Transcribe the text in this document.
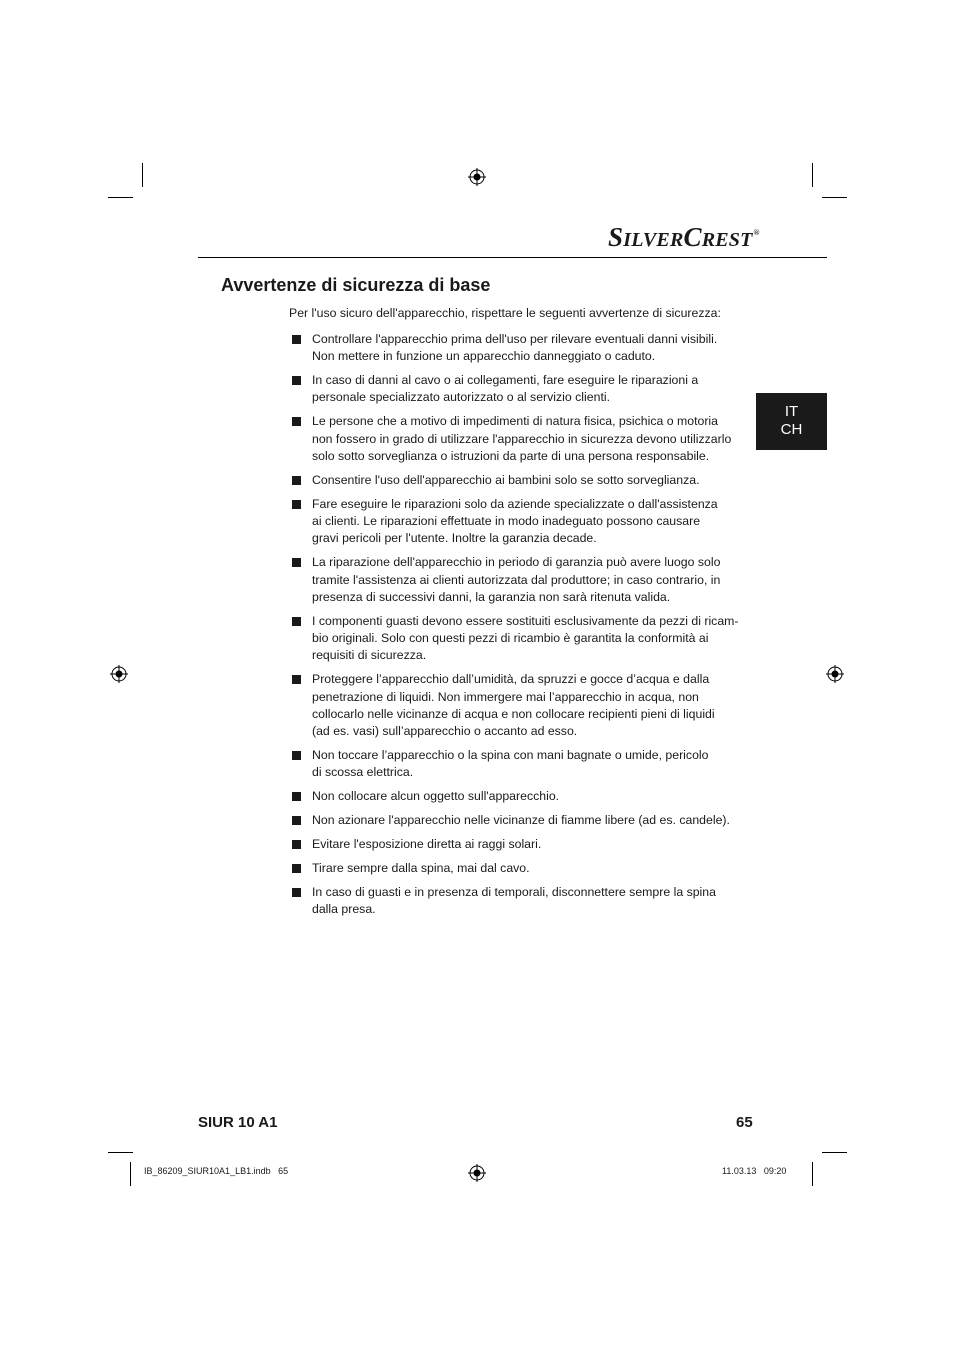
SILVERCREST®
Avvertenze di sicurezza di base
Per l'uso sicuro dell'apparecchio, rispettare le seguenti avvertenze di sicurezza:
Controllare l'apparecchio prima dell'uso per rilevare eventuali danni visibili.
Non mettere in funzione un apparecchio danneggiato o caduto.
In caso di danni al cavo o ai collegamenti, fare eseguire le riparazioni a
personale specializzato autorizzato o al servizio clienti.
Le persone che a motivo di impedimenti di natura fisica, psichica o motoria
non fossero in grado di utilizzare l'apparecchio in sicurezza devono utilizzarlo
solo sotto sorveglianza o istruzioni da parte di una persona responsabile.
Consentire l'uso dell'apparecchio ai bambini solo se sotto sorveglianza.
Fare eseguire le riparazioni solo da aziende specializzate o dall'assistenza
ai clienti. Le riparazioni effettuate in modo inadeguato possono causare
gravi pericoli per l'utente. Inoltre la garanzia decade.
La riparazione dell'apparecchio in periodo di garanzia può avere luogo solo
tramite l'assistenza ai clienti autorizzata dal produttore; in caso contrario, in
presenza di successivi danni, la garanzia non sarà ritenuta valida.
I componenti guasti devono essere sostituiti esclusivamente da pezzi di ricam-
bio originali. Solo con questi pezzi di ricambio è garantita la conformità ai
requisiti di sicurezza.
Proteggere l’apparecchio dall’umidità, da spruzzi e gocce d’acqua e dalla
penetrazione di liquidi. Non immergere mai l’apparecchio in acqua, non
collocarlo nelle vicinanze di acqua e non collocare recipienti pieni di liquidi
(ad es. vasi) sull’apparecchio o accanto ad esso.
Non toccare l’apparecchio o la spina con mani bagnate o umide, pericolo
di scossa elettrica.
Non collocare alcun oggetto sull'apparecchio.
Non azionare l'apparecchio nelle vicinanze di fiamme libere (ad es. candele).
Evitare l'esposizione diretta ai raggi solari.
Tirare sempre dalla spina, mai dal cavo.
In caso di guasti e in presenza di temporali, disconnettere sempre la spina
dalla presa.
IT
CH
SIUR 10 A1	65
IB_86209_SIUR10A1_LB1.indb   65	11.03.13   09:20
